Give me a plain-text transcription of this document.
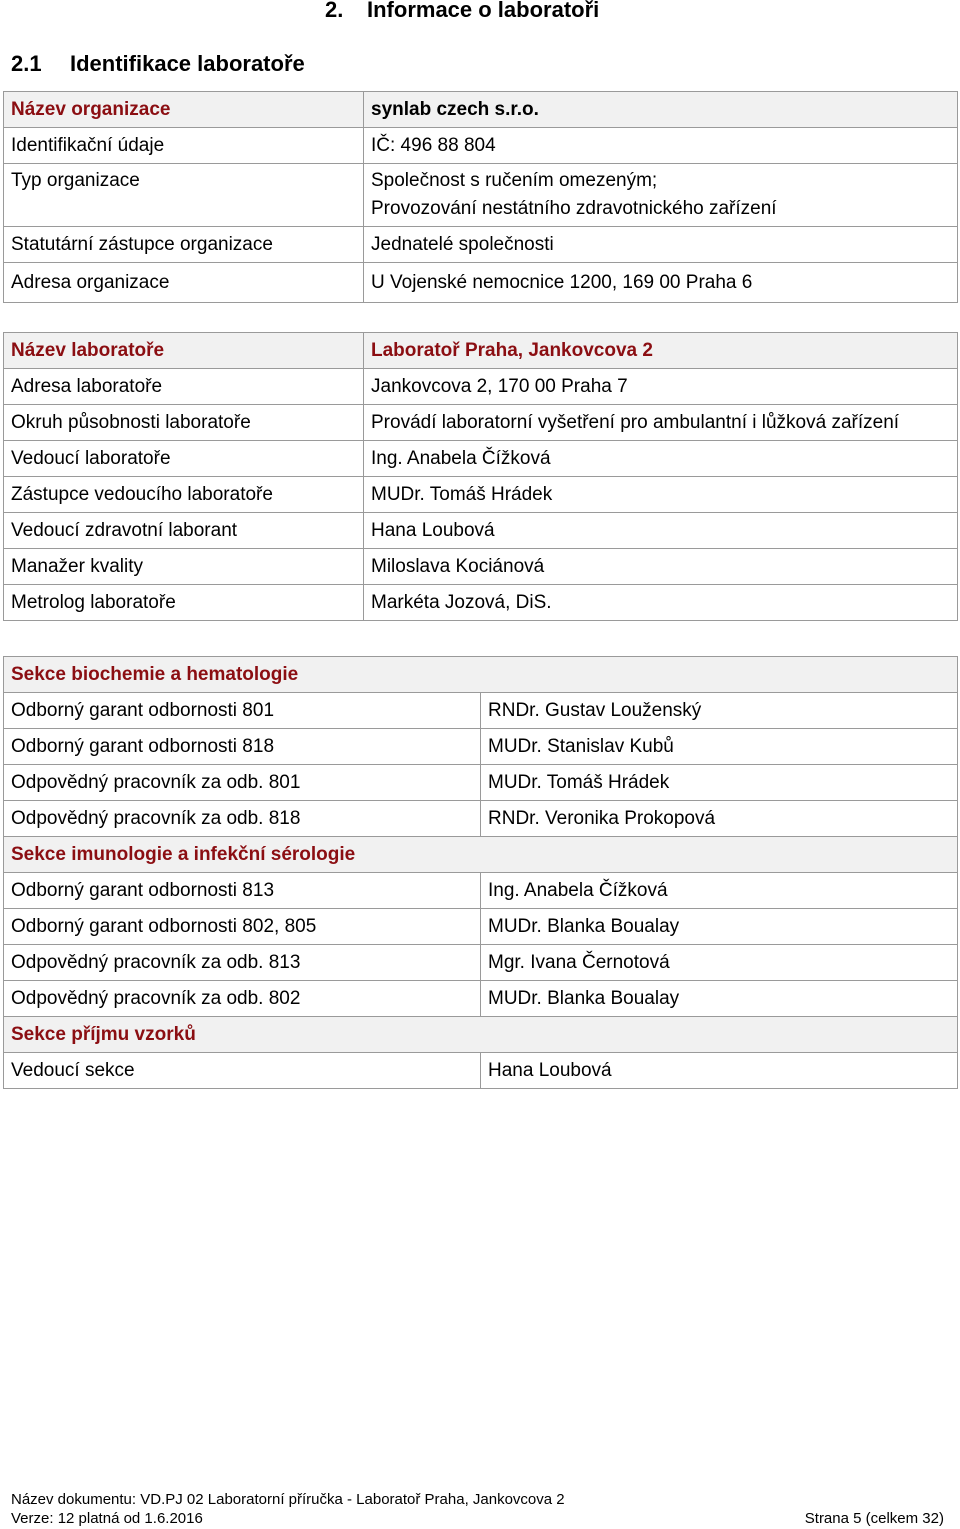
2. Informace o laboratoři
2.1 Identifikace laboratoře
Název organizace	synlab czech s.r.o.
Identifikační údaje	IČ: 496 88 804
Typ organizace	Společnost s ručením omezeným;
Provozování nestátního zdravotnického zařízení

Statutární zástupce organizace	Jednatelé společnosti
Adresa organizace	U Vojenské nemocnice 1200, 169 00 Praha 6
Název laboratoře	Laboratoř Praha, Jankovcova 2
Adresa laboratoře	Jankovcova 2, 170 00 Praha 7
Okruh působnosti laboratoře	Provádí laboratorní vyšetření pro ambulantní i lůžková zařízení
Vedoucí laboratoře	Ing. Anabela Čížková
Zástupce vedoucího laboratoře	MUDr. Tomáš Hrádek
Vedoucí zdravotní laborant	Hana Loubová
Manažer kvality	Miloslava Kociánová
Metrolog laboratoře	Markéta Jozová, DiS.
Sekce biochemie a hematologie	
Odborný garant odbornosti 801	RNDr. Gustav Louženský
Odborný garant odbornosti 818	MUDr. Stanislav Kubů
Odpovědný pracovník za odb. 801	MUDr. Tomáš Hrádek
Odpovědný pracovník za odb. 818	RNDr. Veronika Prokopová
Sekce imunologie a infekční sérologie	
Odborný garant odbornosti 813	Ing. Anabela Čížková
Odborný garant odbornosti 802, 805	MUDr. Blanka Boualay
Odpovědný pracovník za odb. 813	Mgr. Ivana Černotová
Odpovědný pracovník za odb. 802	MUDr. Blanka Boualay
Sekce příjmu vzorků	
Vedoucí sekce	Hana Loubová
Název dokumentu: VD.PJ 02 Laboratorní příručka - Laboratoř Praha, Jankovcova 2
Verze: 12 platná od 1.6.2016	Strana 5 (celkem 32)
